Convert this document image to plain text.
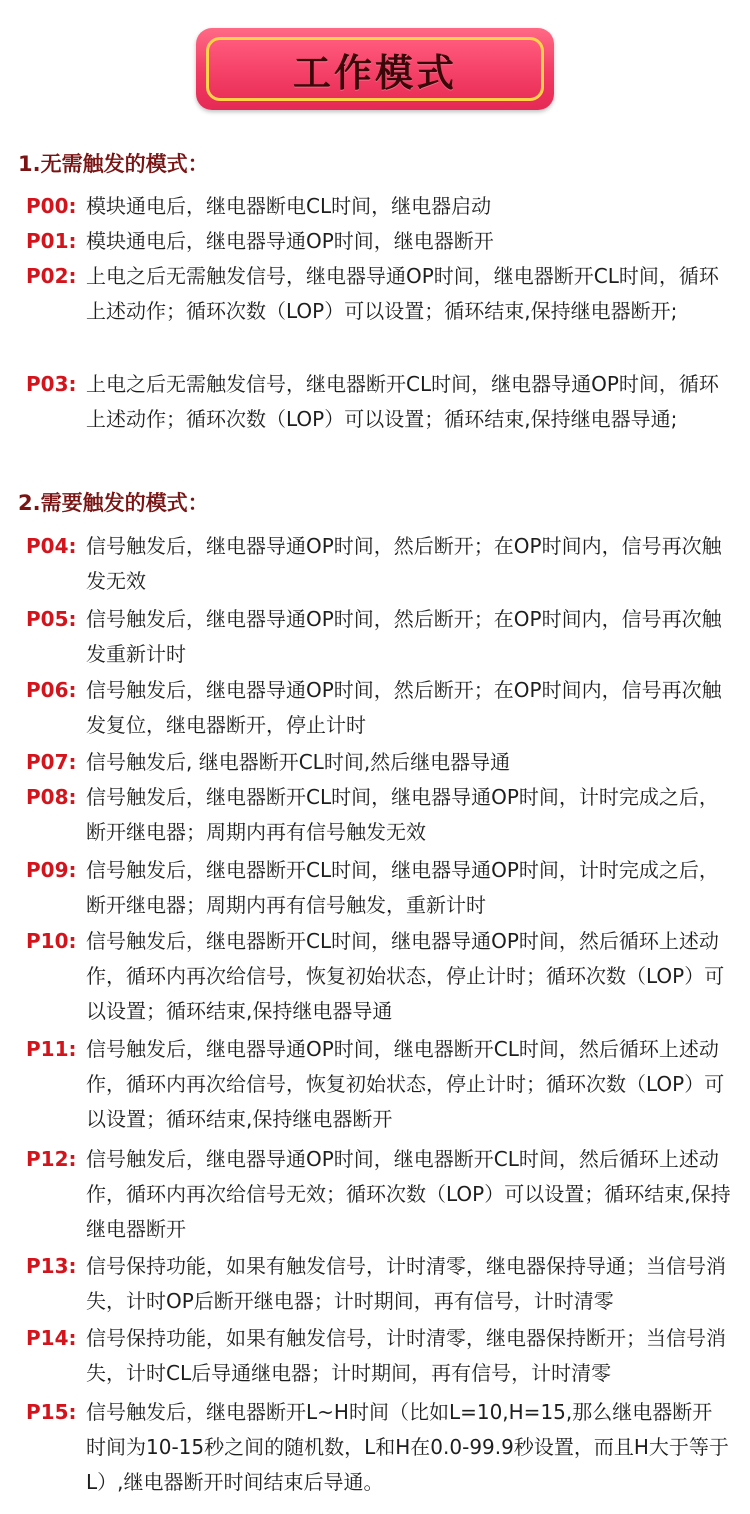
工作模式
1.无需触发的模式：
P00: 模块通电后，继电器断电CL时间，继电器启动
P01: 模块通电后，继电器导通OP时间，继电器断开
P02: 上电之后无需触发信号，继电器导通OP时间，继电器断开CL时间，循环上述动作；循环次数（LOP）可以设置；循环结束,保持继电器断开;
P03: 上电之后无需触发信号，继电器断开CL时间，继电器导通OP时间，循环上述动作；循环次数（LOP）可以设置；循环结束,保持继电器导通;
2.需要触发的模式：
P04: 信号触发后，继电器导通OP时间，然后断开；在OP时间内，信号再次触发无效
P05: 信号触发后，继电器导通OP时间，然后断开；在OP时间内，信号再次触发重新计时
P06: 信号触发后，继电器导通OP时间，然后断开；在OP时间内，信号再次触发复位，继电器断开，停止计时
P07: 信号触发后, 继电器断开CL时间,然后继电器导通
P08: 信号触发后，继电器断开CL时间，继电器导通OP时间，计时完成之后，断开继电器；周期内再有信号触发无效
P09: 信号触发后，继电器断开CL时间，继电器导通OP时间，计时完成之后，断开继电器；周期内再有信号触发，重新计时
P10: 信号触发后，继电器断开CL时间，继电器导通OP时间，然后循环上述动作，循环内再次给信号，恢复初始状态，停止计时；循环次数（LOP）可以设置；循环结束,保持继电器导通
P11: 信号触发后，继电器导通OP时间，继电器断开CL时间，然后循环上述动作，循环内再次给信号，恢复初始状态，停止计时；循环次数（LOP）可以设置；循环结束,保持继电器断开
P12: 信号触发后，继电器导通OP时间，继电器断开CL时间，然后循环上述动作，循环内再次给信号无效；循环次数（LOP）可以设置；循环结束,保持继电器断开
P13: 信号保持功能，如果有触发信号，计时清零，继电器保持导通；当信号消失，计时OP后断开继电器；计时期间，再有信号，计时清零
P14: 信号保持功能，如果有触发信号，计时清零，继电器保持断开；当信号消失，计时CL后导通继电器；计时期间，再有信号，计时清零
P15: 信号触发后，继电器断开L~H时间（比如L=10,H=15,那么继电器断开时间为10-15秒之间的随机数，L和H在0.0-99.9秒设置，而且H大于等于L）,继电器断开时间结束后导通。
